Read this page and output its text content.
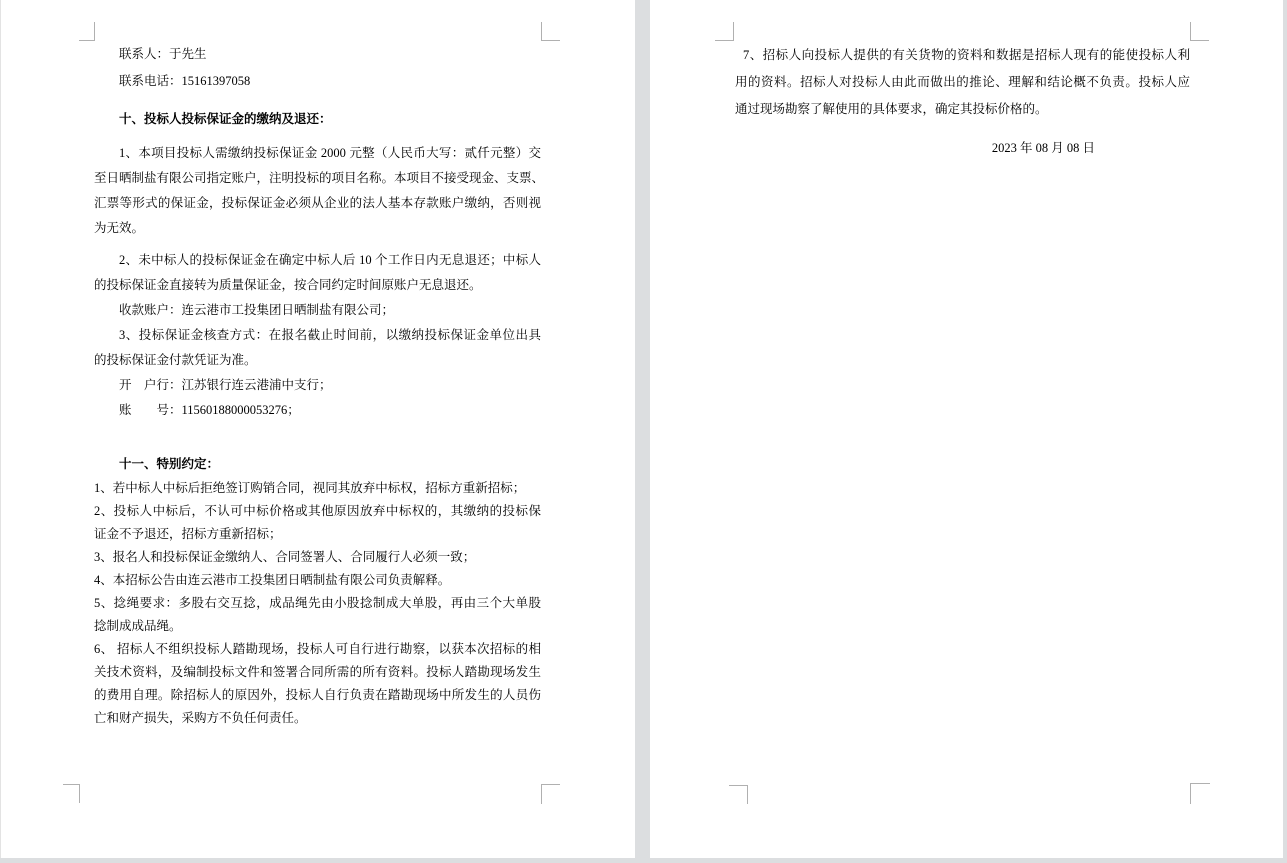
联系人：于先生
联系电话：15161397058
十、投标人投标保证金的缴纳及退还：
1、本项目投标人需缴纳投标保证金 2000 元整（人民币大写：贰仟元整）交
至日晒制盐有限公司指定账户，注明投标的项目名称。本项目不接受现金、支票、
汇票等形式的保证金，投标保证金必须从企业的法人基本存款账户缴纳，否则视
为无效。
2、未中标人的投标保证金在确定中标人后 10 个工作日内无息退还；中标人
的投标保证金直接转为质量保证金，按合同约定时间原账户无息退还。
收款账户：连云港市工投集团日晒制盐有限公司；
3、投标保证金核查方式：在报名截止时间前，以缴纳投标保证金单位出具
的投标保证金付款凭证为准。
开　户行：江苏银行连云港浦中支行；
账　　号：11560188000053276；
十一、特别约定：
1、若中标人中标后拒绝签订购销合同，视同其放弃中标权，招标方重新招标；
2、投标人中标后，不认可中标价格或其他原因放弃中标权的，其缴纳的投标保
证金不予退还，招标方重新招标；
3、报名人和投标保证金缴纳人、合同签署人、合同履行人必须一致；
4、本招标公告由连云港市工投集团日晒制盐有限公司负责解释。
5、捻绳要求：多股右交互捻，成品绳先由小股捻制成大单股，再由三个大单股
捻制成成品绳。
6、 招标人不组织投标人踏勘现场，投标人可自行进行勘察，以获本次招标的相
关技术资料，及编制投标文件和签署合同所需的所有资料。投标人踏勘现场发生
的费用自理。除招标人的原因外，投标人自行负责在踏勘现场中所发生的人员伤
亡和财产损失，采购方不负任何责任。
7、招标人向投标人提供的有关货物的资料和数据是招标人现有的能使投标人利
用的资料。招标人对投标人由此而做出的推论、理解和结论概不负责。投标人应
通过现场勘察了解使用的具体要求，确定其投标价格的。
2023 年 08 月 08 日
